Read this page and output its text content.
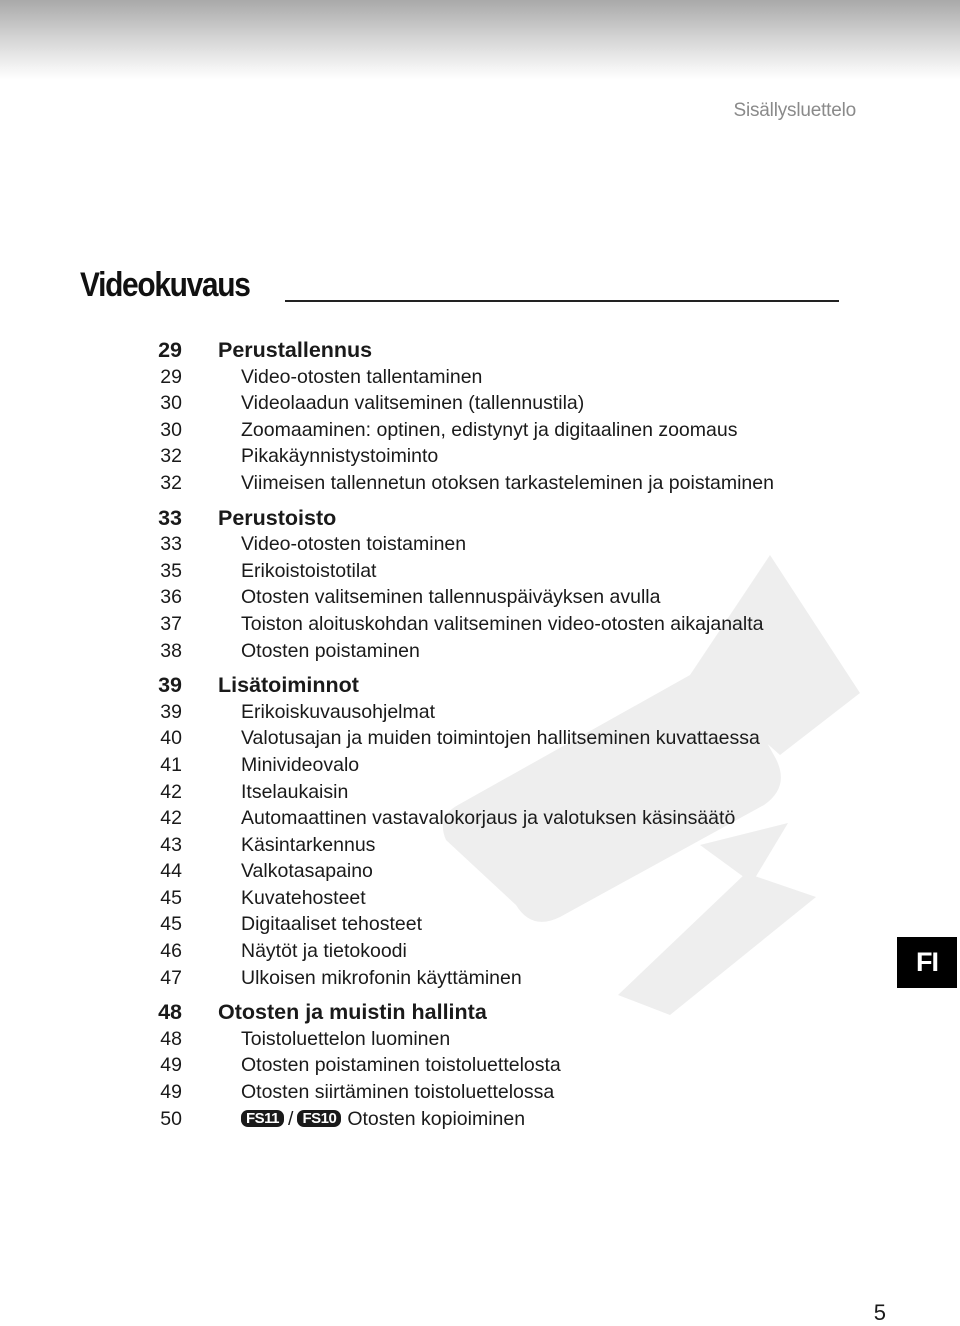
Sisällysluettelo
Videokuvaus
29 Perustallennus
29	Video-otosten tallentaminen
30	Videolaadun valitseminen (tallennustila)
30	Zoomaaminen: optinen, edistynyt ja digitaalinen zoomaus
32	Pikakäynnistystoiminto
32	Viimeisen tallennetun otoksen tarkasteleminen ja poistaminen
33 Perustoisto
33	Video-otosten toistaminen
35	Erikoistoistotilat
36	Otosten valitseminen tallennuspäiväyksen avulla
37	Toiston aloituskohdan valitseminen video-otosten aikajanalta
38	Otosten poistaminen
39 Lisätoiminnot
39	Erikoiskuvausohjelmat
40	Valotusajan ja muiden toimintojen hallitseminen kuvattaessa
41	Minivideovalo
42	Itselaukaisin
42	Automaattinen vastavalokorjaus ja valotuksen käsinsäätö
43	Käsintarkennus
44	Valkotasapaino
45	Kuvatehosteet
45	Digitaaliset tehosteet
46	Näytöt ja tietokoodi
47	Ulkoisen mikrofonin käyttäminen
48 Otosten ja muistin hallinta
48	Toistoluettelon luominen
49	Otosten poistaminen toistoluettelosta
49	Otosten siirtäminen toistoluettelossa
50	FS11 / FS10 Otosten kopioiminen
FI
5
